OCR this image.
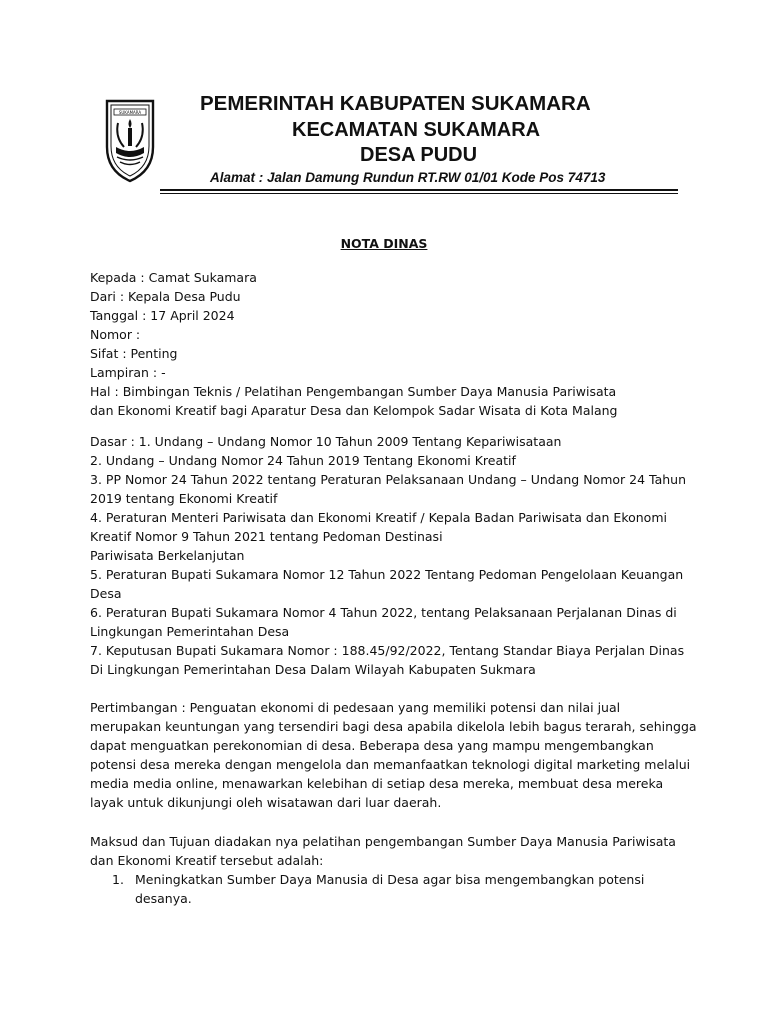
SUKAMARA	PEMERINTAH KABUPATEN SUKAMARA
KECAMATAN SUKAMARA
DESA PUDU
Alamat : Jalan Damung Rundun RT.RW 01/01 Kode Pos 74713
NOTA DINAS
Kepada : Camat Sukamara
Dari : Kepala Desa Pudu
Tanggal : 17 April 2024
Nomor :
Sifat : Penting
Lampiran : -
Hal : Bimbingan Teknis / Pelatihan Pengembangan Sumber Daya Manusia Pariwisata
dan Ekonomi Kreatif bagi Aparatur Desa dan Kelompok Sadar Wisata di Kota Malang
Dasar : 1. Undang – Undang Nomor 10 Tahun 2009 Tentang Kepariwisataan
2. Undang – Undang Nomor 24 Tahun 2019 Tentang Ekonomi Kreatif
3. PP Nomor 24 Tahun 2022 tentang Peraturan Pelaksanaan Undang – Undang Nomor 24 Tahun
2019 tentang Ekonomi Kreatif
4. Peraturan Menteri Pariwisata dan Ekonomi Kreatif / Kepala Badan Pariwisata dan Ekonomi
Kreatif Nomor 9 Tahun 2021 tentang Pedoman Destinasi
Pariwisata Berkelanjutan
5. Peraturan Bupati Sukamara Nomor 12 Tahun 2022 Tentang Pedoman Pengelolaan Keuangan
Desa
6. Peraturan Bupati Sukamara Nomor 4 Tahun 2022, tentang Pelaksanaan Perjalanan Dinas di
Lingkungan Pemerintahan Desa
7. Keputusan Bupati Sukamara Nomor : 188.45/92/2022, Tentang Standar Biaya Perjalan Dinas
Di Lingkungan Pemerintahan Desa Dalam Wilayah Kabupaten Sukmara
Pertimbangan : Penguatan ekonomi di pedesaan yang memiliki potensi dan nilai jual
merupakan keuntungan yang tersendiri bagi desa apabila dikelola lebih bagus terarah, sehingga
dapat menguatkan perekonomian di desa. Beberapa desa yang mampu mengembangkan
potensi desa mereka dengan mengelola dan memanfaatkan teknologi digital marketing melalui
media media online, menawarkan kelebihan di setiap desa mereka, membuat desa mereka
layak untuk dikunjungi oleh wisatawan dari luar daerah.
Maksud dan Tujuan diadakan nya pelatihan pengembangan Sumber Daya Manusia Pariwisata
dan Ekonomi Kreatif tersebut adalah:
1. Meningkatkan Sumber Daya Manusia di Desa agar bisa mengembangkan potensi
desanya.
